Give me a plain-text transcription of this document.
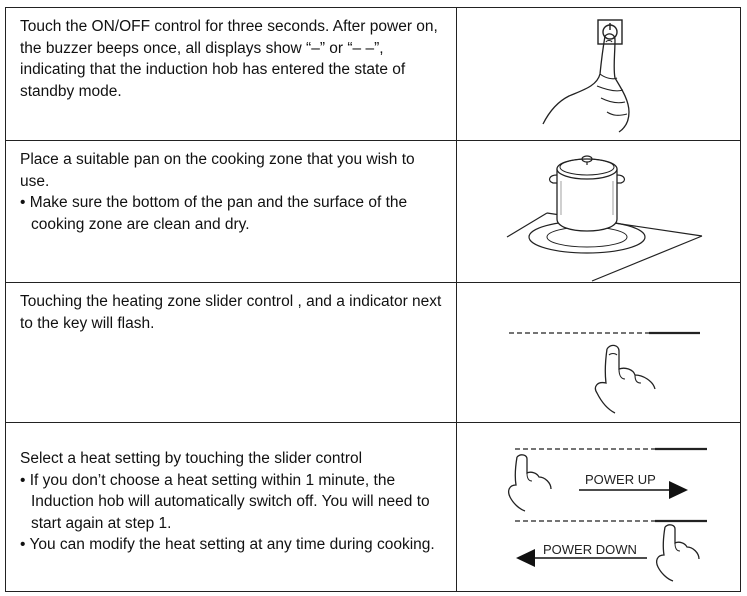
Touch the ON/OFF control for three seconds. After power on, the buzzer beeps once, all displays show “–” or “– –”, indicating that the induction hob has entered the state of standby mode.

Place a suitable pan on the cooking zone that you wish to use.

• Make sure the bottom of the pan and the surface of the cooking zone are clean and dry.

Touching the heating zone slider control , and a indicator next to the key will flash.

Select a heat setting by touching the slider control

• If you don’t choose a heat setting within 1 minute, the Induction hob will automatically switch off. You will need to start again at step 1.

• You can modify the heat setting at any time during cooking.

POWER UP
POWER DOWN
